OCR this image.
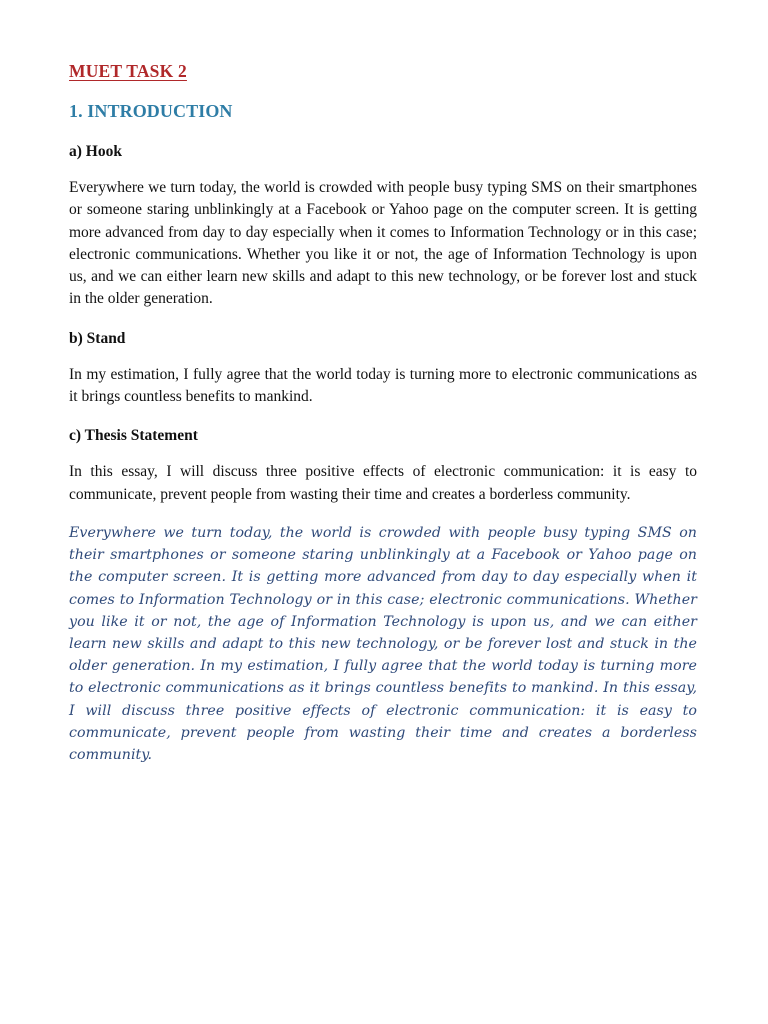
MUET TASK 2
1. INTRODUCTION
a) Hook

Everywhere we turn today, the world is crowded with people busy typing SMS on their smartphones or someone staring unblinkingly at a Facebook or Yahoo page on the computer screen. It is getting more advanced from day to day especially when it comes to Information Technology or in this case; electronic communications. Whether you like it or not, the age of Information Technology is upon us, and we can either learn new skills and adapt to this new technology, or be forever lost and stuck in the older generation.

b) Stand

In my estimation, I fully agree that the world today is turning more to electronic communications as it brings countless benefits to mankind.

c) Thesis Statement

In this essay, I will discuss three positive effects of electronic communication: it is easy to communicate, prevent people from wasting their time and creates a borderless community.

Everywhere we turn today, the world is crowded with people busy typing SMS on their smartphones or someone staring unblinkingly at a Facebook or Yahoo page on the computer screen. It is getting more advanced from day to day especially when it comes to Information Technology or in this case; electronic communications. Whether you like it or not, the age of Information Technology is upon us, and we can either learn new skills and adapt to this new technology, or be forever lost and stuck in the older generation. In my estimation, I fully agree that the world today is turning more to electronic communications as it brings countless benefits to mankind. In this essay, I will discuss three positive effects of electronic communication: it is easy to communicate, prevent people from wasting their time and creates a borderless community.
